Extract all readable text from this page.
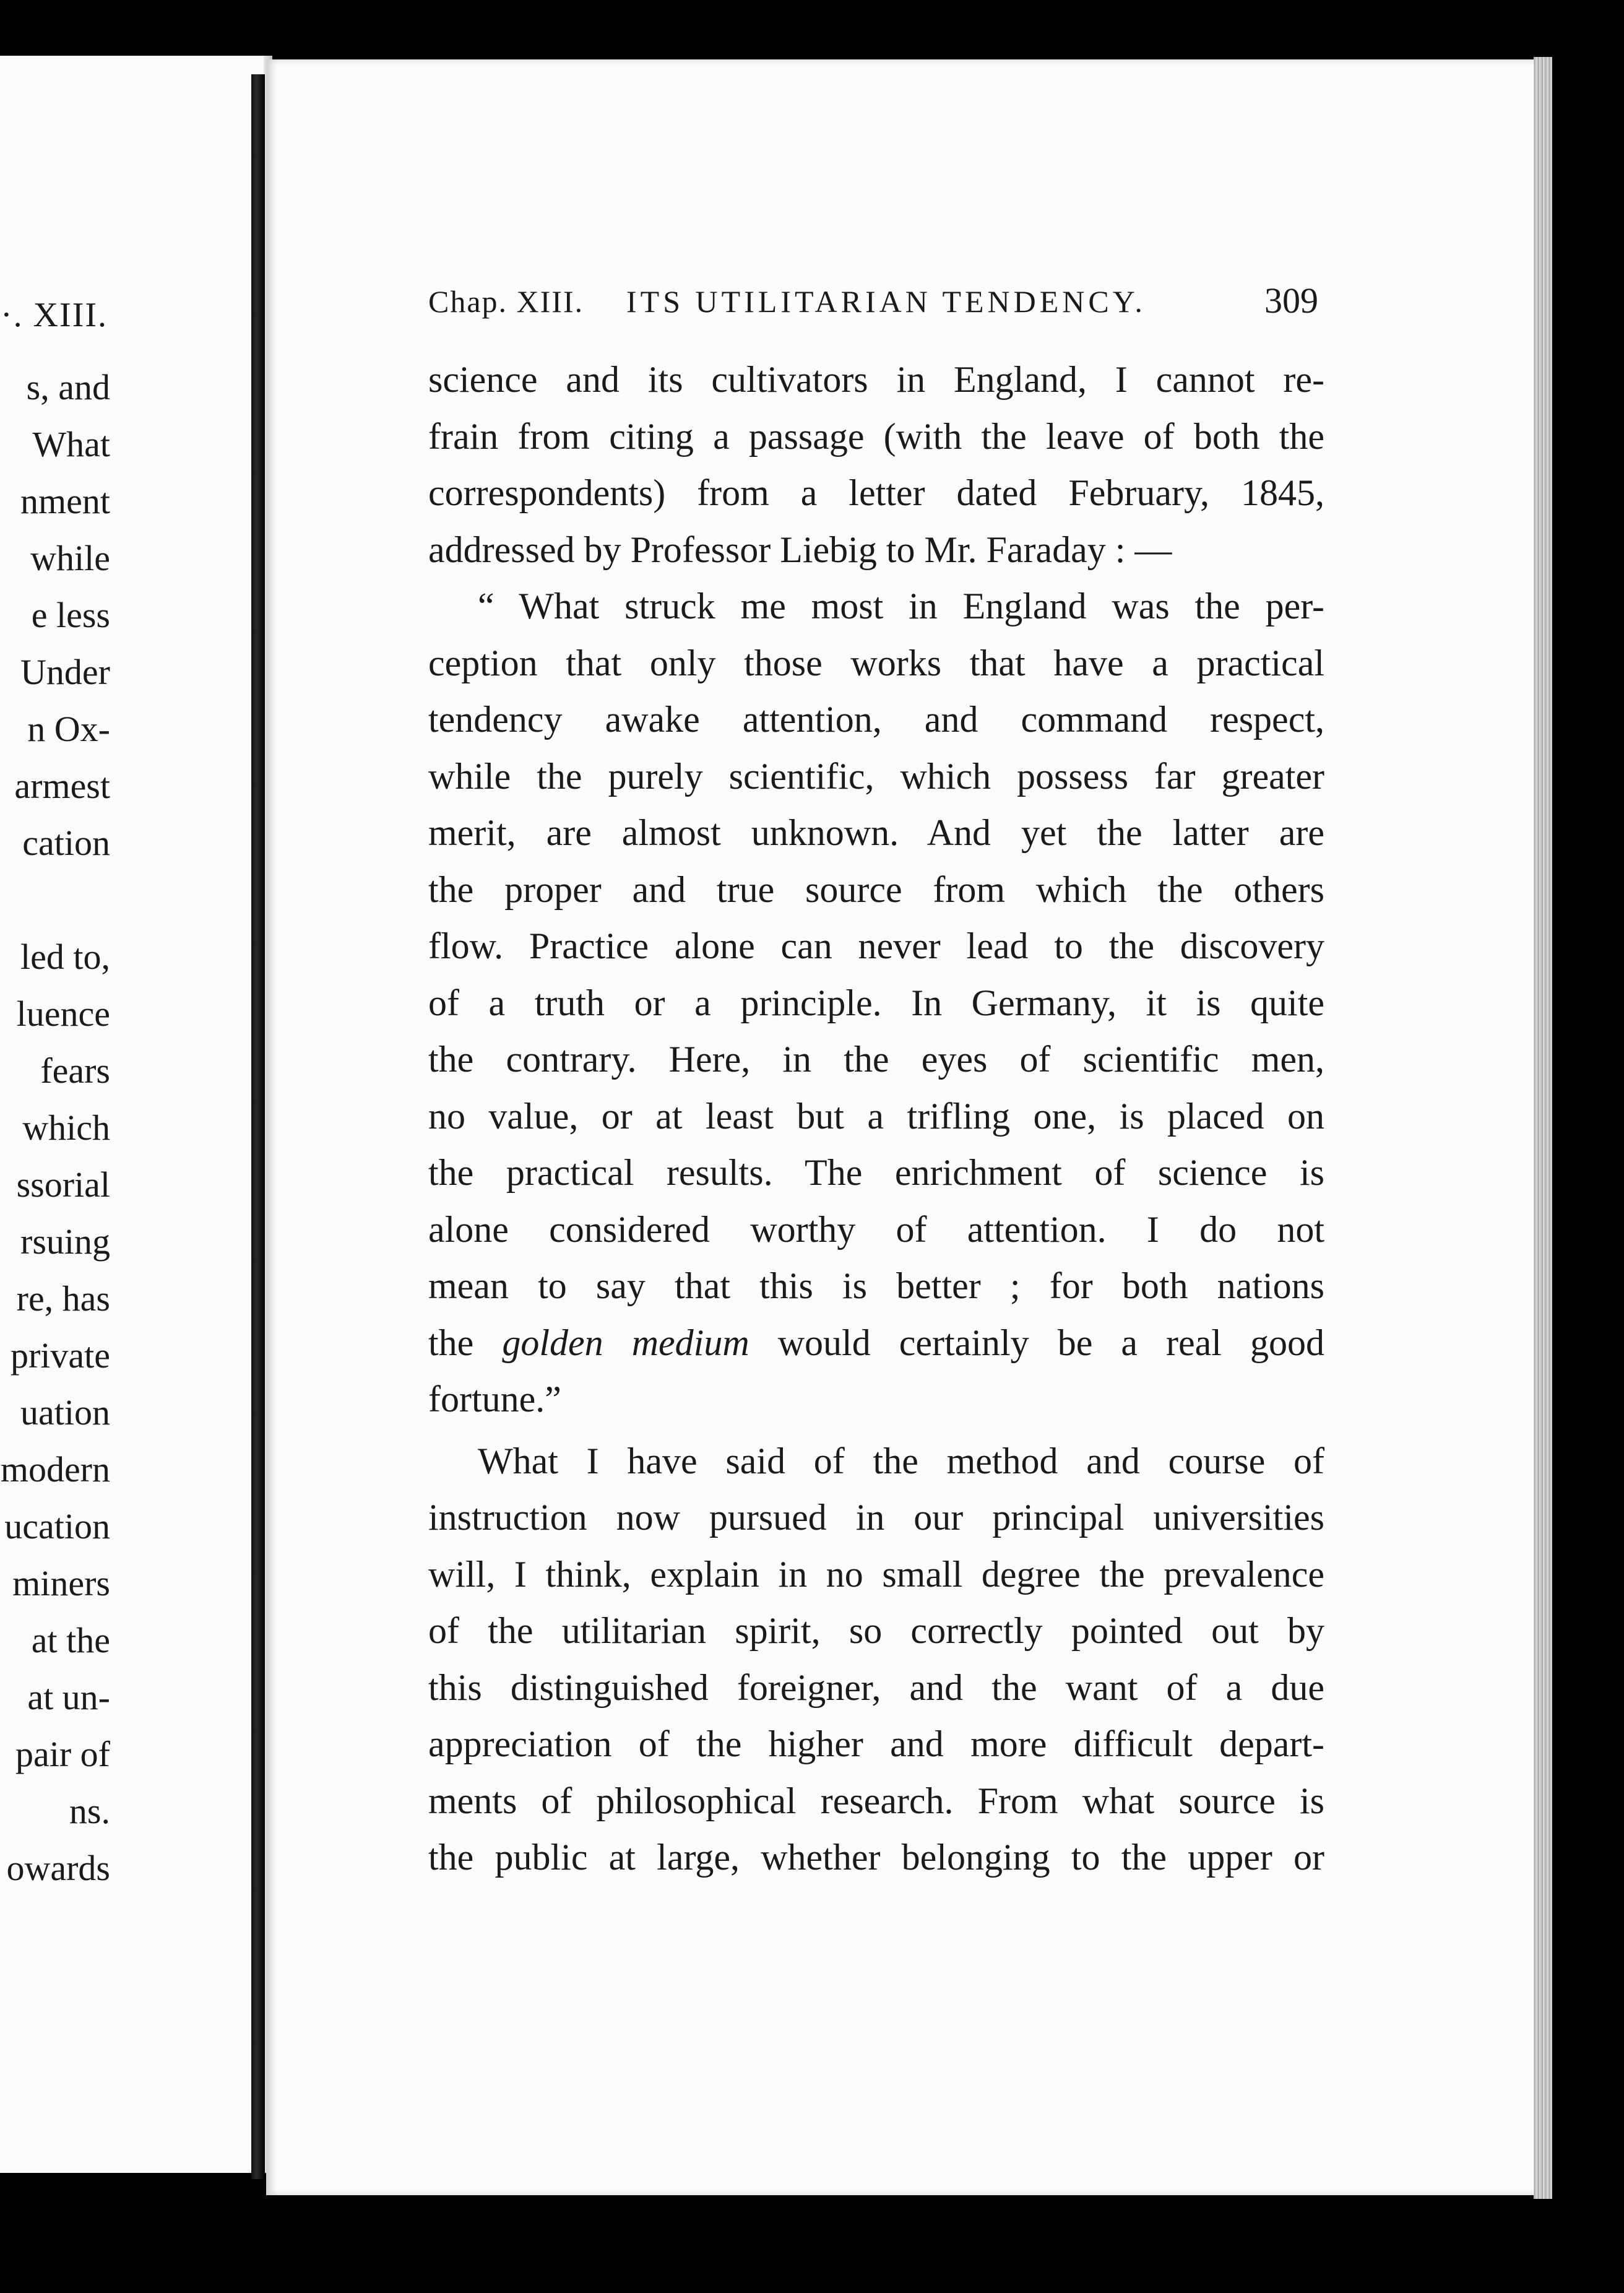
·. XIII.
s, and
What
nment
while
e less
Under
n Ox-
armest
cation

led to,
luence
fears
which
ssorial
rsuing
re, has
private
uation
modern
ucation
miners
at the
at un-
pair of
ns.
owards
Chap. XIII. ITS UTILITARIAN TENDENCY.	309

science and its cultivators in England, I cannot re-
frain from citing a passage (with the leave of both the
correspondents) from a letter dated February, 1845,
addressed by Professor Liebig to Mr. Faraday : —

“ What struck me most in England was the per-
ception that only those works that have a practical
tendency awake attention, and command respect,
while the purely scientific, which possess far greater
merit, are almost unknown. And yet the latter are
the proper and true source from which the others
flow. Practice alone can never lead to the discovery
of a truth or a principle. In Germany, it is quite
the contrary. Here, in the eyes of scientific men,
no value, or at least but a trifling one, is placed on
the practical results. The enrichment of science is
alone considered worthy of attention. I do not
mean to say that this is better ; for both nations
the golden medium would certainly be a real good
fortune.”

What I have said of the method and course of
instruction now pursued in our principal universities
will, I think, explain in no small degree the prevalence
of the utilitarian spirit, so correctly pointed out by
this distinguished foreigner, and the want of a due
appreciation of the higher and more difficult depart-
ments of philosophical research. From what source is
the public at large, whether belonging to the upper or
